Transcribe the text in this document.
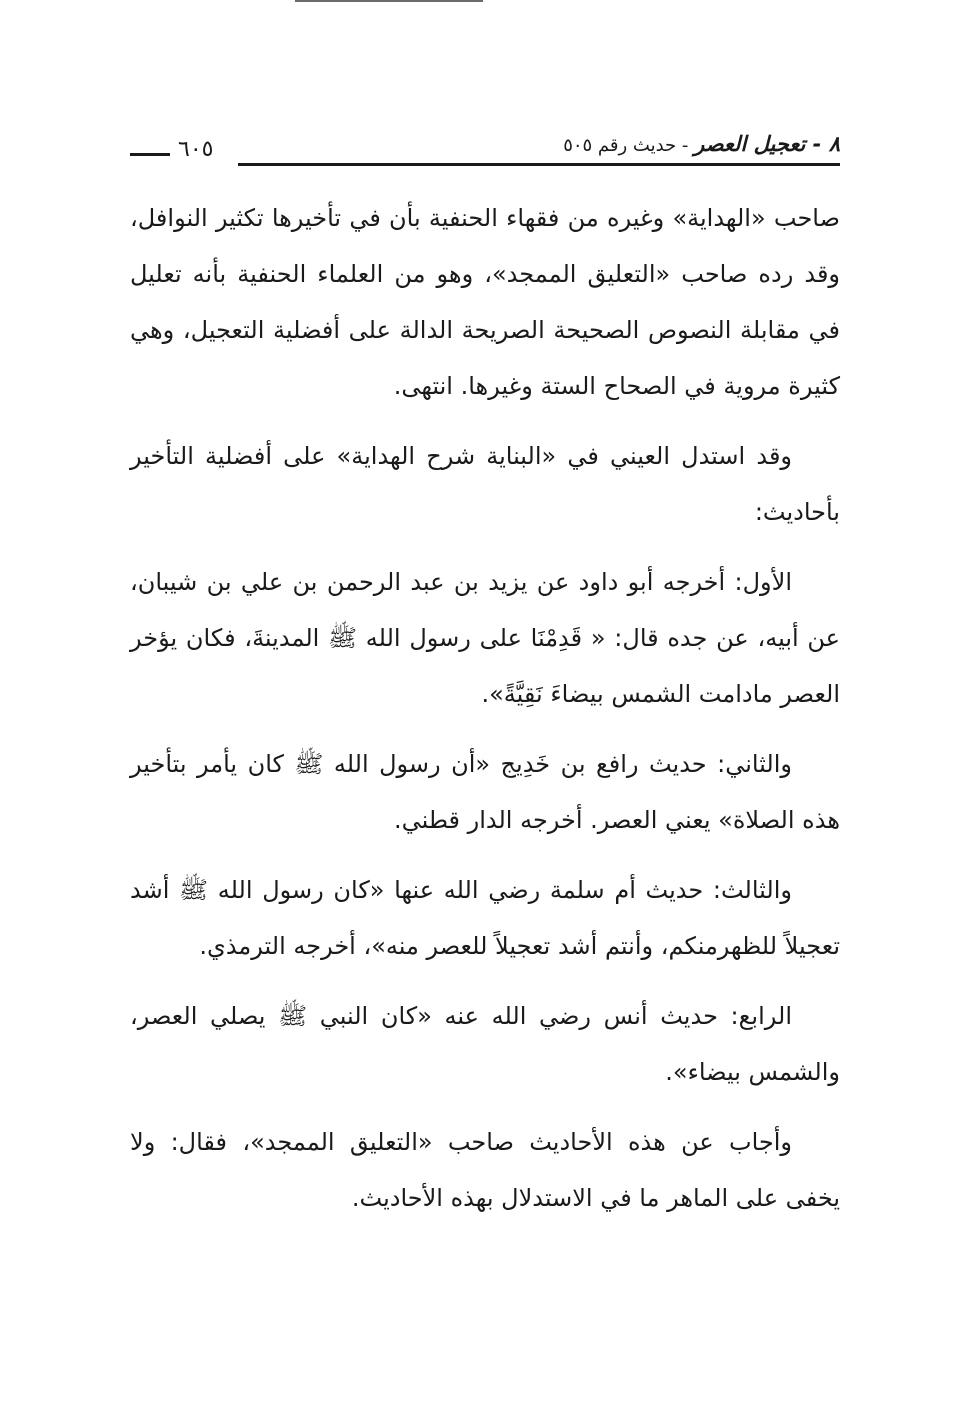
٨ - تعجيل العصر - حديث رقم ٥٠٥
٦٠٥

صاحب «الهداية» وغيره من فقهاء الحنفية بأن في تأخيرها تكثير النوافل، وقد رده صاحب «التعليق الممجد»، وهو من العلماء الحنفية بأنه تعليل في مقابلة النصوص الصحيحة الصريحة الدالة على أفضلية التعجيل، وهي كثيرة مروية في الصحاح الستة وغيرها. انتهى.

وقد استدل العيني في «البناية شرح الهداية» على أفضلية التأخير بأحاديث:

الأول: أخرجه أبو داود عن يزيد بن عبد الرحمن بن علي بن شيبان، عن أبيه، عن جده قال: « قَدِمْنَا على رسول الله ﷺ المدينةَ، فكان يؤخر العصر مادامت الشمس بيضاءَ نَقِيَّةً».

والثاني: حديث رافع بن خَدِيج «أن رسول الله ﷺ كان يأمر بتأخير هذه الصلاة» يعني العصر. أخرجه الدار قطني.

والثالث: حديث أم سلمة رضي الله عنها «كان رسول الله ﷺ أشد تعجيلاً للظهرمنكم، وأنتم أشد تعجيلاً للعصر منه»، أخرجه الترمذي.

الرابع: حديث أنس رضي الله عنه «كان النبي ﷺ يصلي العصر، والشمس بيضاء».

وأجاب عن هذه الأحاديث صاحب «التعليق الممجد»، فقال: ولا يخفى على الماهر ما في الاستدلال بهذه الأحاديث.
